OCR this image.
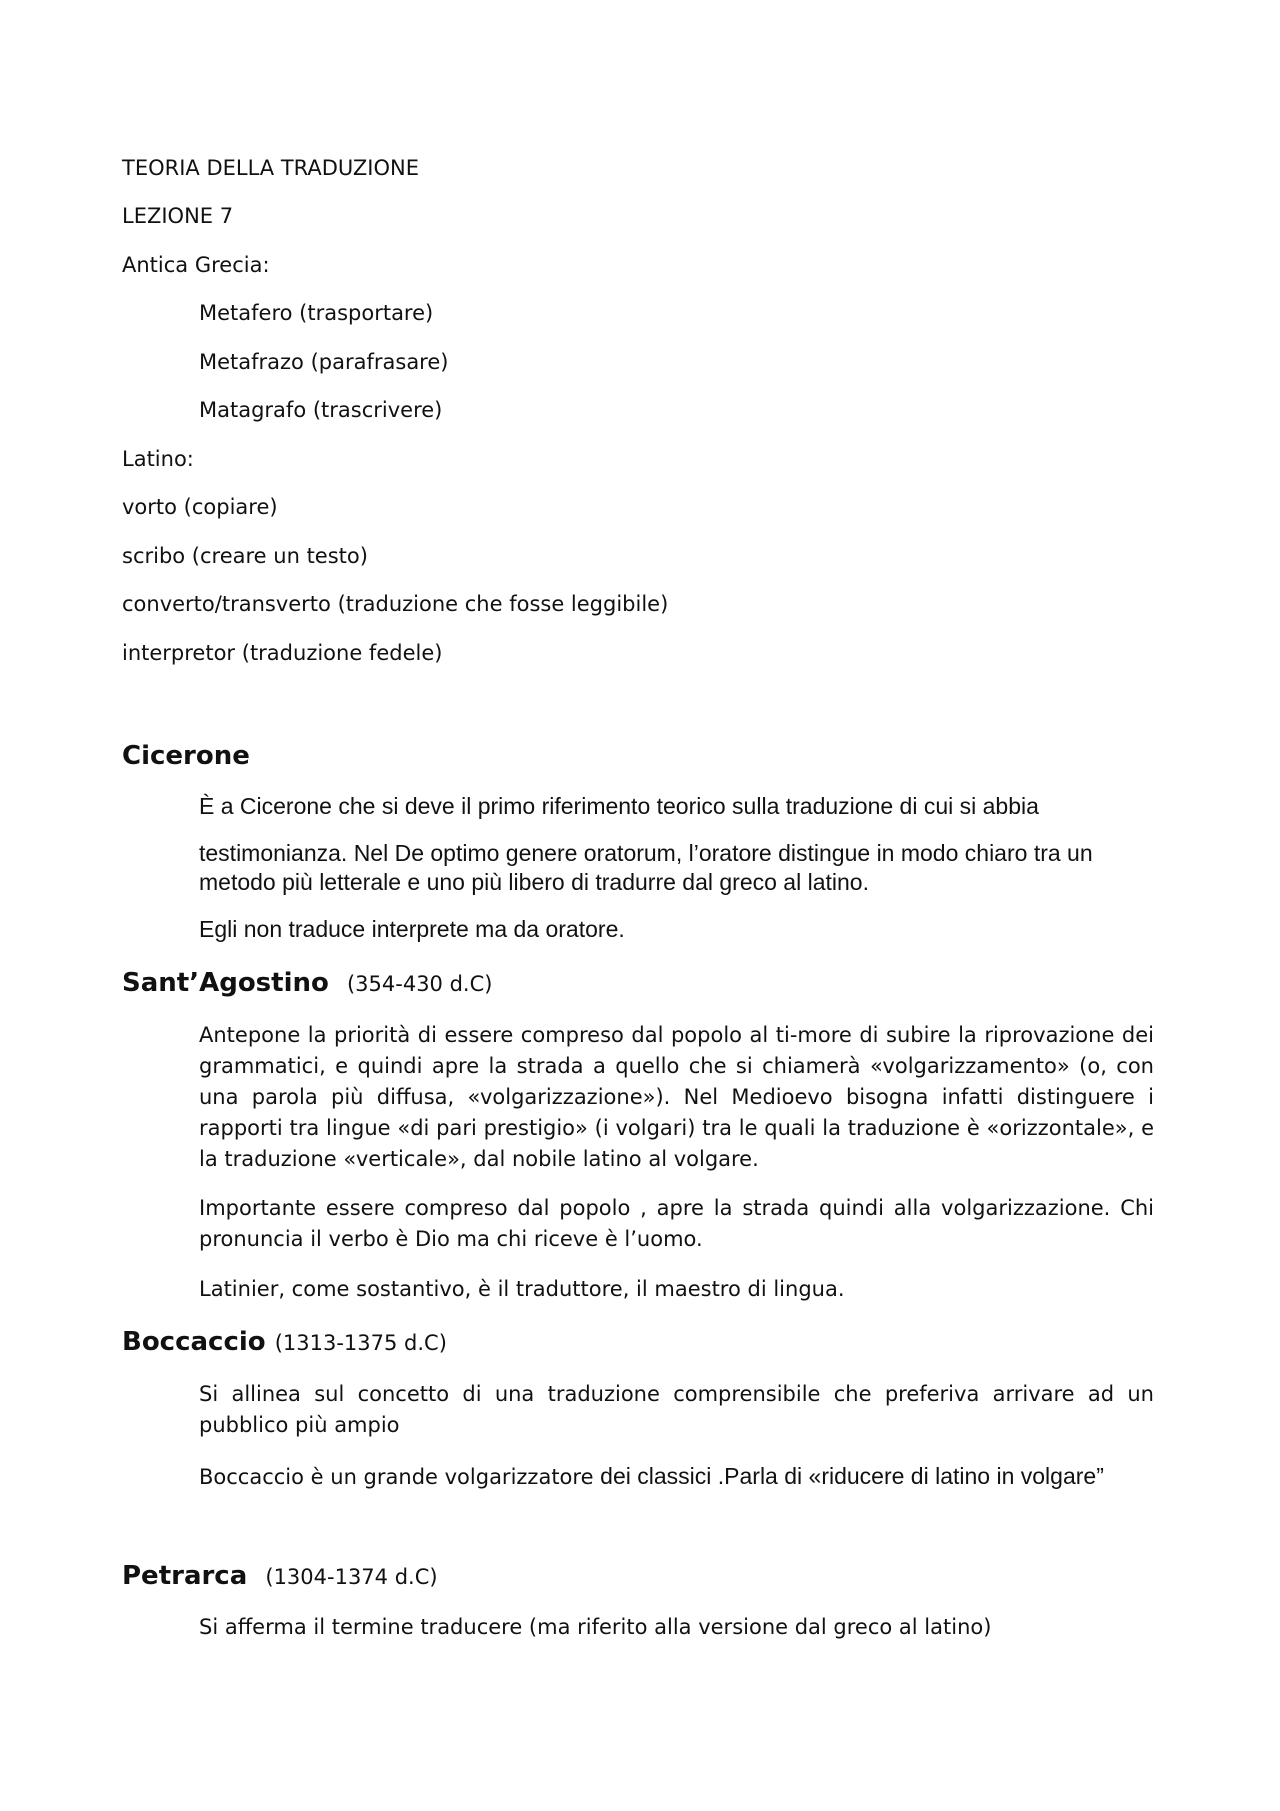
TEORIA DELLA TRADUZIONE
LEZIONE 7
Antica Grecia:
Metafero (trasportare)
Metafrazo (parafrasare)
Matagrafo (trascrivere)
Latino:
vorto (copiare)
scribo (creare un testo)
converto/transverto (traduzione che fosse leggibile)
interpretor (traduzione fedele)
Cicerone
È a Cicerone che si deve il primo riferimento teorico sulla traduzione di cui si abbia
testimonianza. Nel De optimo genere oratorum, l’oratore distingue in modo chiaro tra un
metodo più letterale e uno più libero di tradurre dal greco al latino.
Egli non traduce interprete ma da oratore.
Sant’Agostino (354-430 d.C)
Antepone la priorità di essere compreso dal popolo al ti-more di subire la riprovazione dei grammatici, e quindi apre la strada a quello che si chiamerà «volgarizzamento» (o, con una parola più diffusa, «volgarizzazione»). Nel Medioevo bisogna infatti distinguere i rapporti tra lingue «di pari prestigio» (i volgari) tra le quali la traduzione è «orizzontale», e la traduzione «verticale», dal nobile latino al volgare.
Importante essere compreso dal popolo , apre la strada quindi alla volgarizzazione. Chi pronuncia il verbo è Dio ma chi riceve è l’uomo.
Latinier, come sostantivo, è il traduttore, il maestro di lingua.
Boccaccio (1313-1375 d.C)
Si allinea sul concetto di una traduzione comprensibile che preferiva arrivare ad un pubblico più ampio
Boccaccio è un grande volgarizzatore dei classici .Parla di «riducere di latino in volgare”
Petrarca (1304-1374 d.C)
Si afferma il termine traducere (ma riferito alla versione dal greco al latino)
